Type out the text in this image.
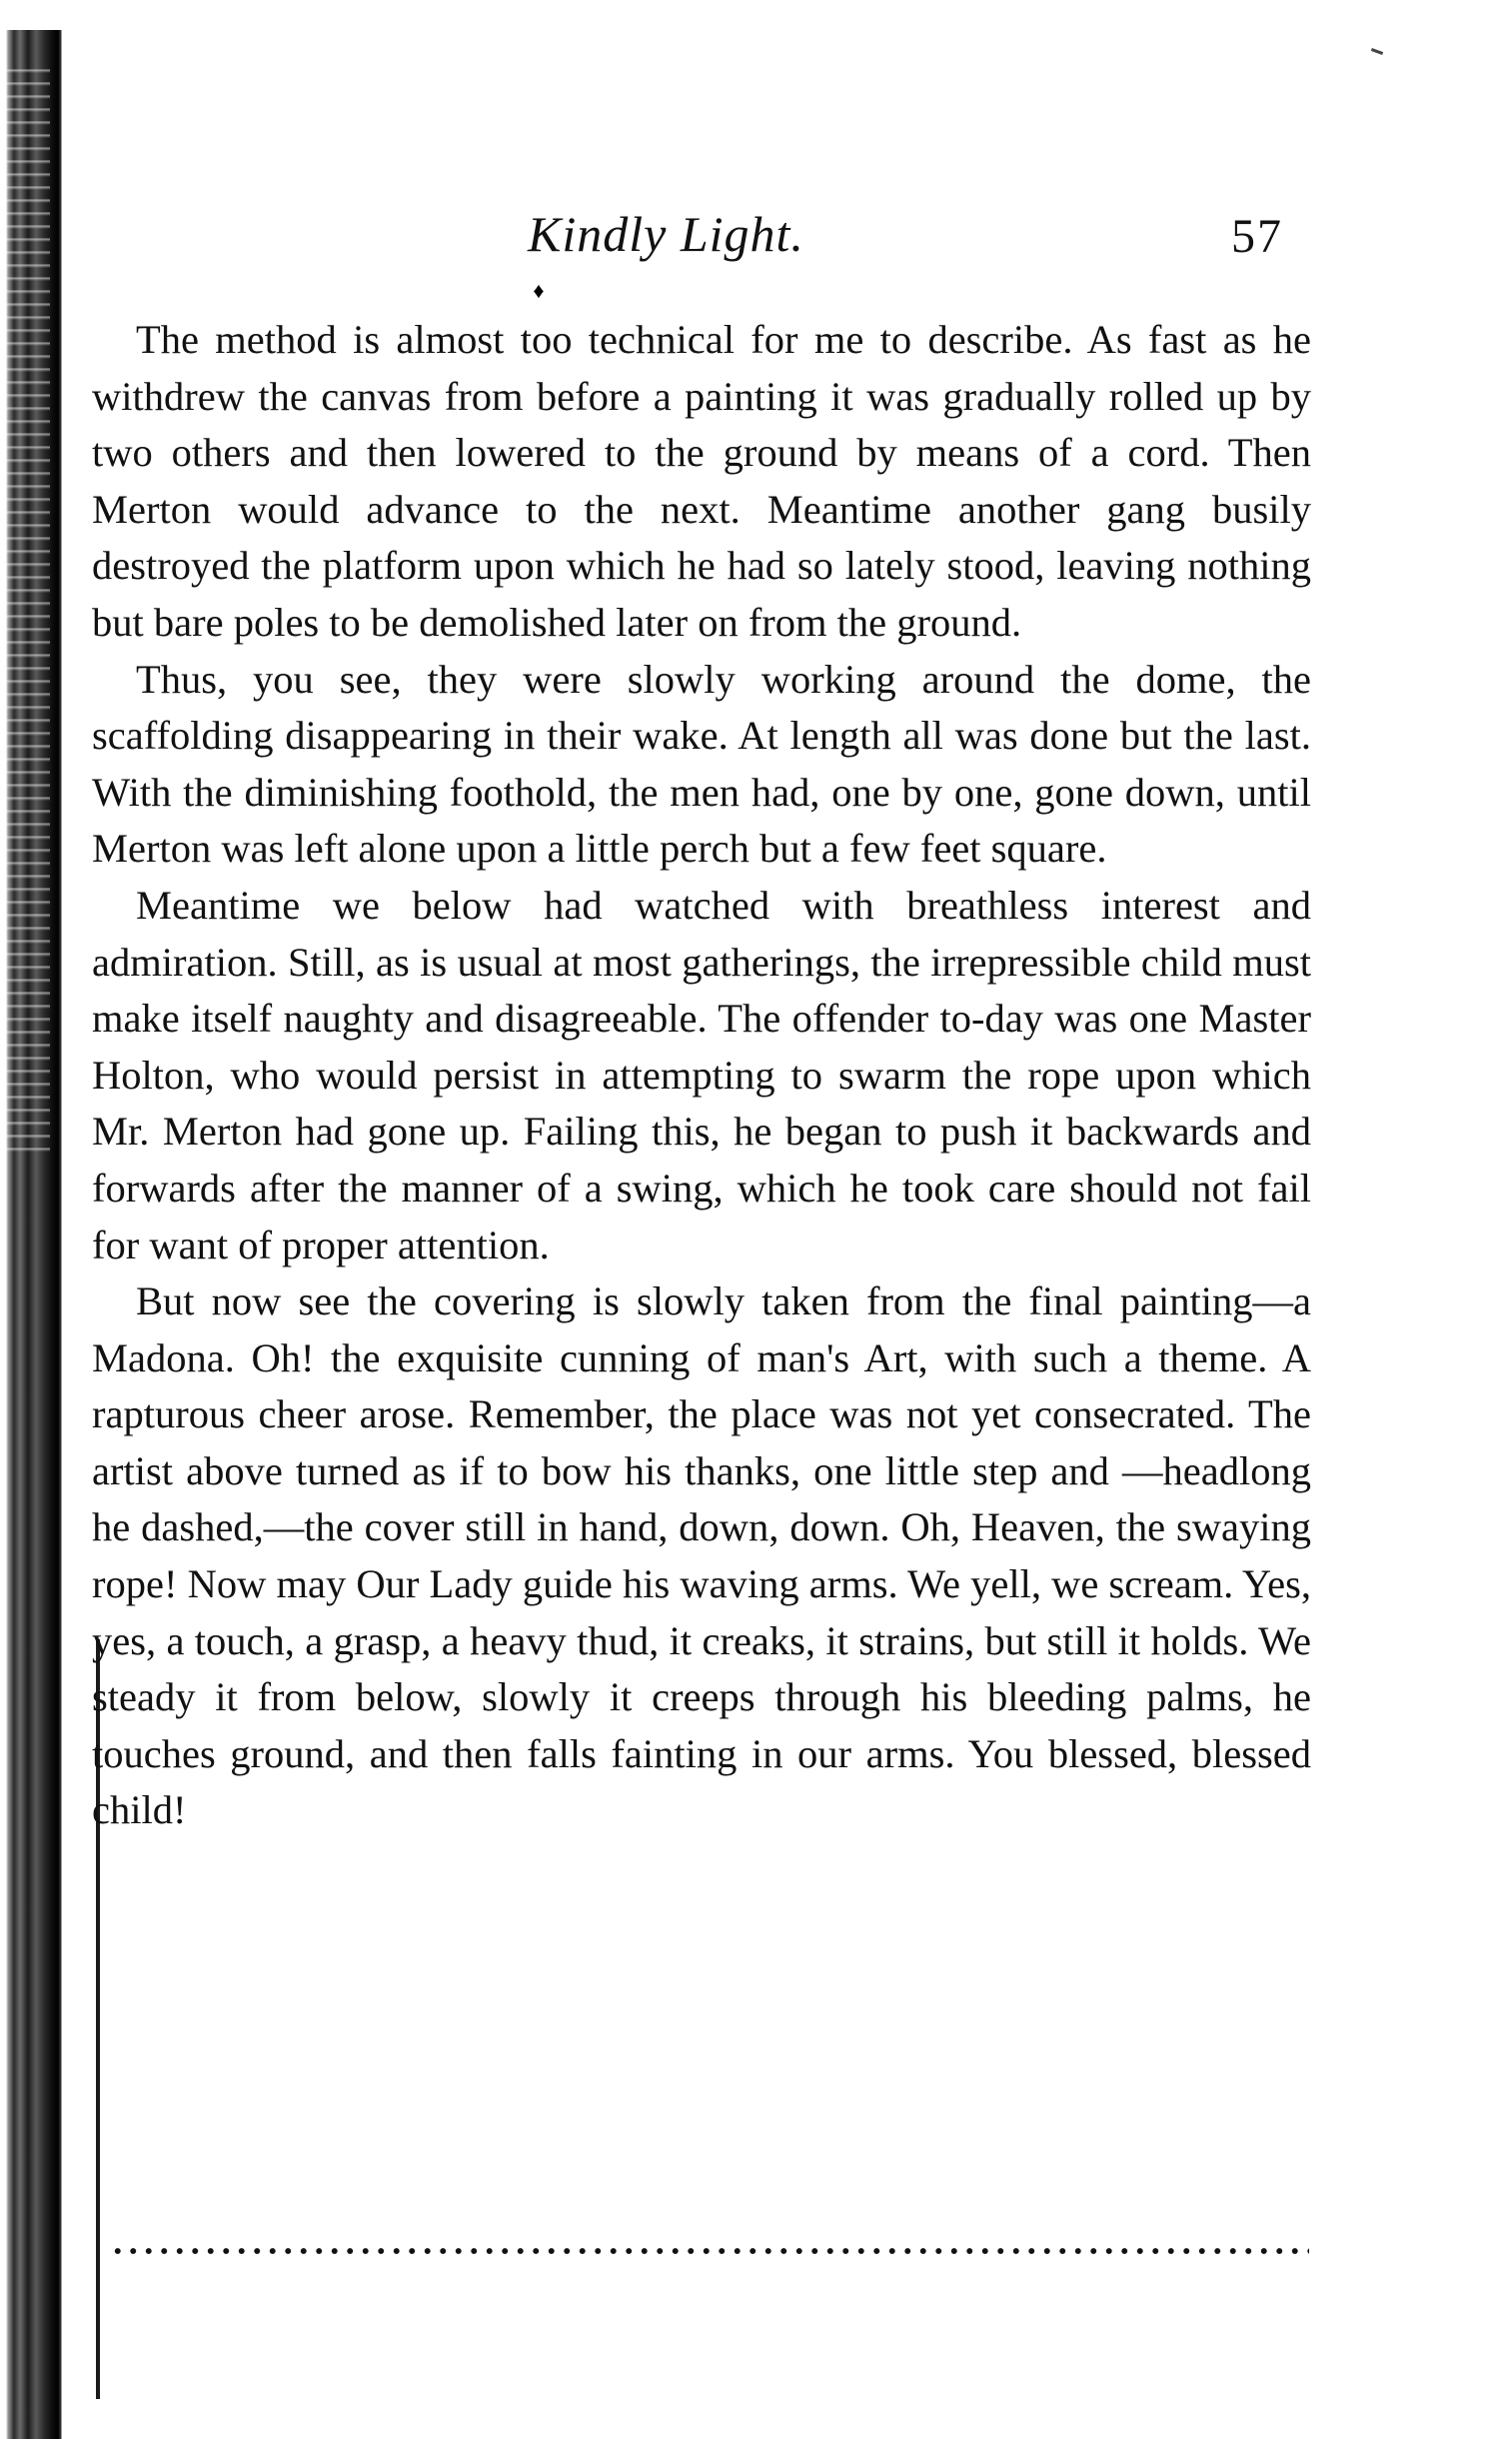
Kindly Light.	57
♦

The method is almost too technical for me to describe. As fast as he withdrew the canvas from before a painting it was gradually rolled up by two others and then lowered to the ground by means of a cord. Then Merton would advance to the next. Meantime another gang busily destroyed the platform upon which he had so lately stood, leaving nothing but bare poles to be demolished later on from the ground.

Thus, you see, they were slowly working around the dome, the scaffolding disappearing in their wake. At length all was done but the last. With the diminishing foothold, the men had, one by one, gone down, until Merton was left alone upon a little perch but a few feet square.

Meantime we below had watched with breathless interest and admiration. Still, as is usual at most gatherings, the irrepressible child must make itself naughty and disagreeable. The offender to-day was one Master Holton, who would persist in attempting to swarm the rope upon which Mr. Merton had gone up. Failing this, he began to push it backwards and forwards after the manner of a swing, which he took care should not fail for want of proper attention.

But now see the covering is slowly taken from the final painting—a Madona. Oh! the exquisite cunning of man's Art, with such a theme. A rapturous cheer arose. Remember, the place was not yet consecrated. The artist above turned as if to bow his thanks, one little step and —headlong he dashed,—the cover still in hand, down, down. Oh, Heaven, the swaying rope! Now may Our Lady guide his waving arms. We yell, we scream. Yes, yes, a touch, a grasp, a heavy thud, it creaks, it strains, but still it holds. We steady it from below, slowly it creeps through his bleeding palms, he touches ground, and then falls fainting in our arms. You blessed, blessed child!
